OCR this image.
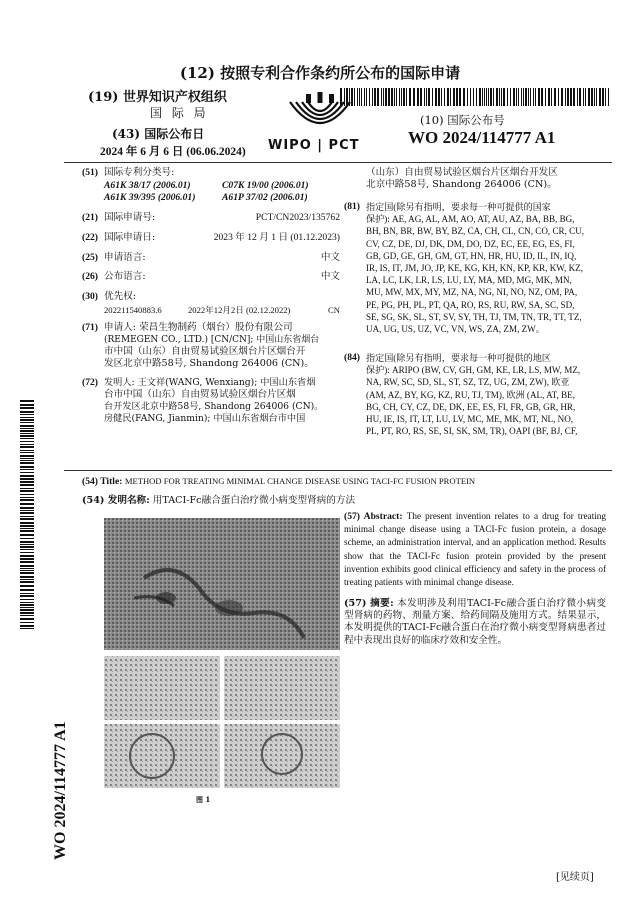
(12) 按照专利合作条约所公布的国际申请
(19) 世界知识产权组织
国 际 局
(43) 国际公布日
2024 年 6 月 6 日 (06.06.2024)
(10) 国际公布号
WO 2024/114777 A1
WIPO | PCT
(51) 国际专利分类号:
A61K 38/17 (2006.01)	C07K 19/00 (2006.01)
A61K 39/395 (2006.01)	A61P 37/02 (2006.01)
(21) 国际申请号:	PCT/CN2023/135762
(22) 国际申请日:	2023 年 12 月 1 日 (01.12.2023)
(25) 申请语言:	中文
(26) 公布语言:	中文
(30) 优先权:
202211540883.6	2022年12月2日 (02.12.2022)	CN
(71) 申请人: 荣昌生物制药（烟台）股份有限公司
(REMEGEN CO., LTD.) [CN/CN]; 中国山东省烟台
市中国（山东）自由贸易试验区烟台片区烟台开
发区北京中路58号, Shandong 264006 (CN)。
(72) 发明人: 王文祥(WANG, Wenxiang); 中国山东省烟
台市中国（山东）自由贸易试验区烟台片区烟
台开发区北京中路58号, Shandong 264006 (CN)。
房健民(FANG, Jianmin); 中国山东省烟台市中国
（山东）自由贸易试验区烟台片区烟台开发区
北京中路58号, Shandong 264006 (CN)。
(81) 指定国(除另有指明，要求每一种可提供的国家
保护): AE, AG, AL, AM, AO, AT, AU, AZ, BA, BB, BG,
BH, BN, BR, BW, BY, BZ, CA, CH, CL, CN, CO, CR, CU,
CV, CZ, DE, DJ, DK, DM, DO, DZ, EC, EE, EG, ES, FI,
GB, GD, GE, GH, GM, GT, HN, HR, HU, ID, IL, IN, IQ,
IR, IS, IT, JM, JO, JP, KE, KG, KH, KN, KP, KR, KW, KZ,
LA, LC, LK, LR, LS, LU, LY, MA, MD, MG, MK, MN,
MU, MW, MX, MY, MZ, NA, NG, NI, NO, NZ, OM, PA,
PE, PG, PH, PL, PT, QA, RO, RS, RU, RW, SA, SC, SD,
SE, SG, SK, SL, ST, SV, SY, TH, TJ, TM, TN, TR, TT, TZ,
UA, UG, US, UZ, VC, VN, WS, ZA, ZM, ZW。
(84) 指定国(除另有指明，要求每一种可提供的地区
保护): ARIPO (BW, CV, GH, GM, KE, LR, LS, MW, MZ,
NA, RW, SC, SD, SL, ST, SZ, TZ, UG, ZM, ZW), 欧亚
(AM, AZ, BY, KG, KZ, RU, TJ, TM), 欧洲 (AL, AT, BE,
BG, CH, CY, CZ, DE, DK, EE, ES, FI, FR, GB, GR, HR,
HU, IE, IS, IT, LT, LU, LV, MC, ME, MK, MT, NL, NO,
PL, PT, RO, RS, SE, SI, SK, SM, TR), OAPI (BF, BJ, CF,
(54) Title: METHOD FOR TREATING MINIMAL CHANGE DISEASE USING TACI-FC FUSION PROTEIN
(54) 发明名称: 用TACI-Fc融合蛋白治疗微小病变型肾病的方法
图 1
(57) Abstract: The present invention relates to a drug for treating minimal change disease using a TACI-Fc fusion protein, a dosage scheme, an administration interval, and an application method. Results show that the TACI-Fc fusion protein provided by the present invention exhibits good clinical efficiency and safety in the process of treating patients with minimal change disease.
(57) 摘要: 本发明涉及利用TACI-Fc融合蛋白治疗微小病变型肾病的药物、剂量方案、给药间隔及施用方式。结果显示，本发明提供的TACI-Fc融合蛋白在治疗微小病变型肾病患者过程中表现出良好的临床疗效和安全性。
WO 2024/114777 A1
[见续页]
